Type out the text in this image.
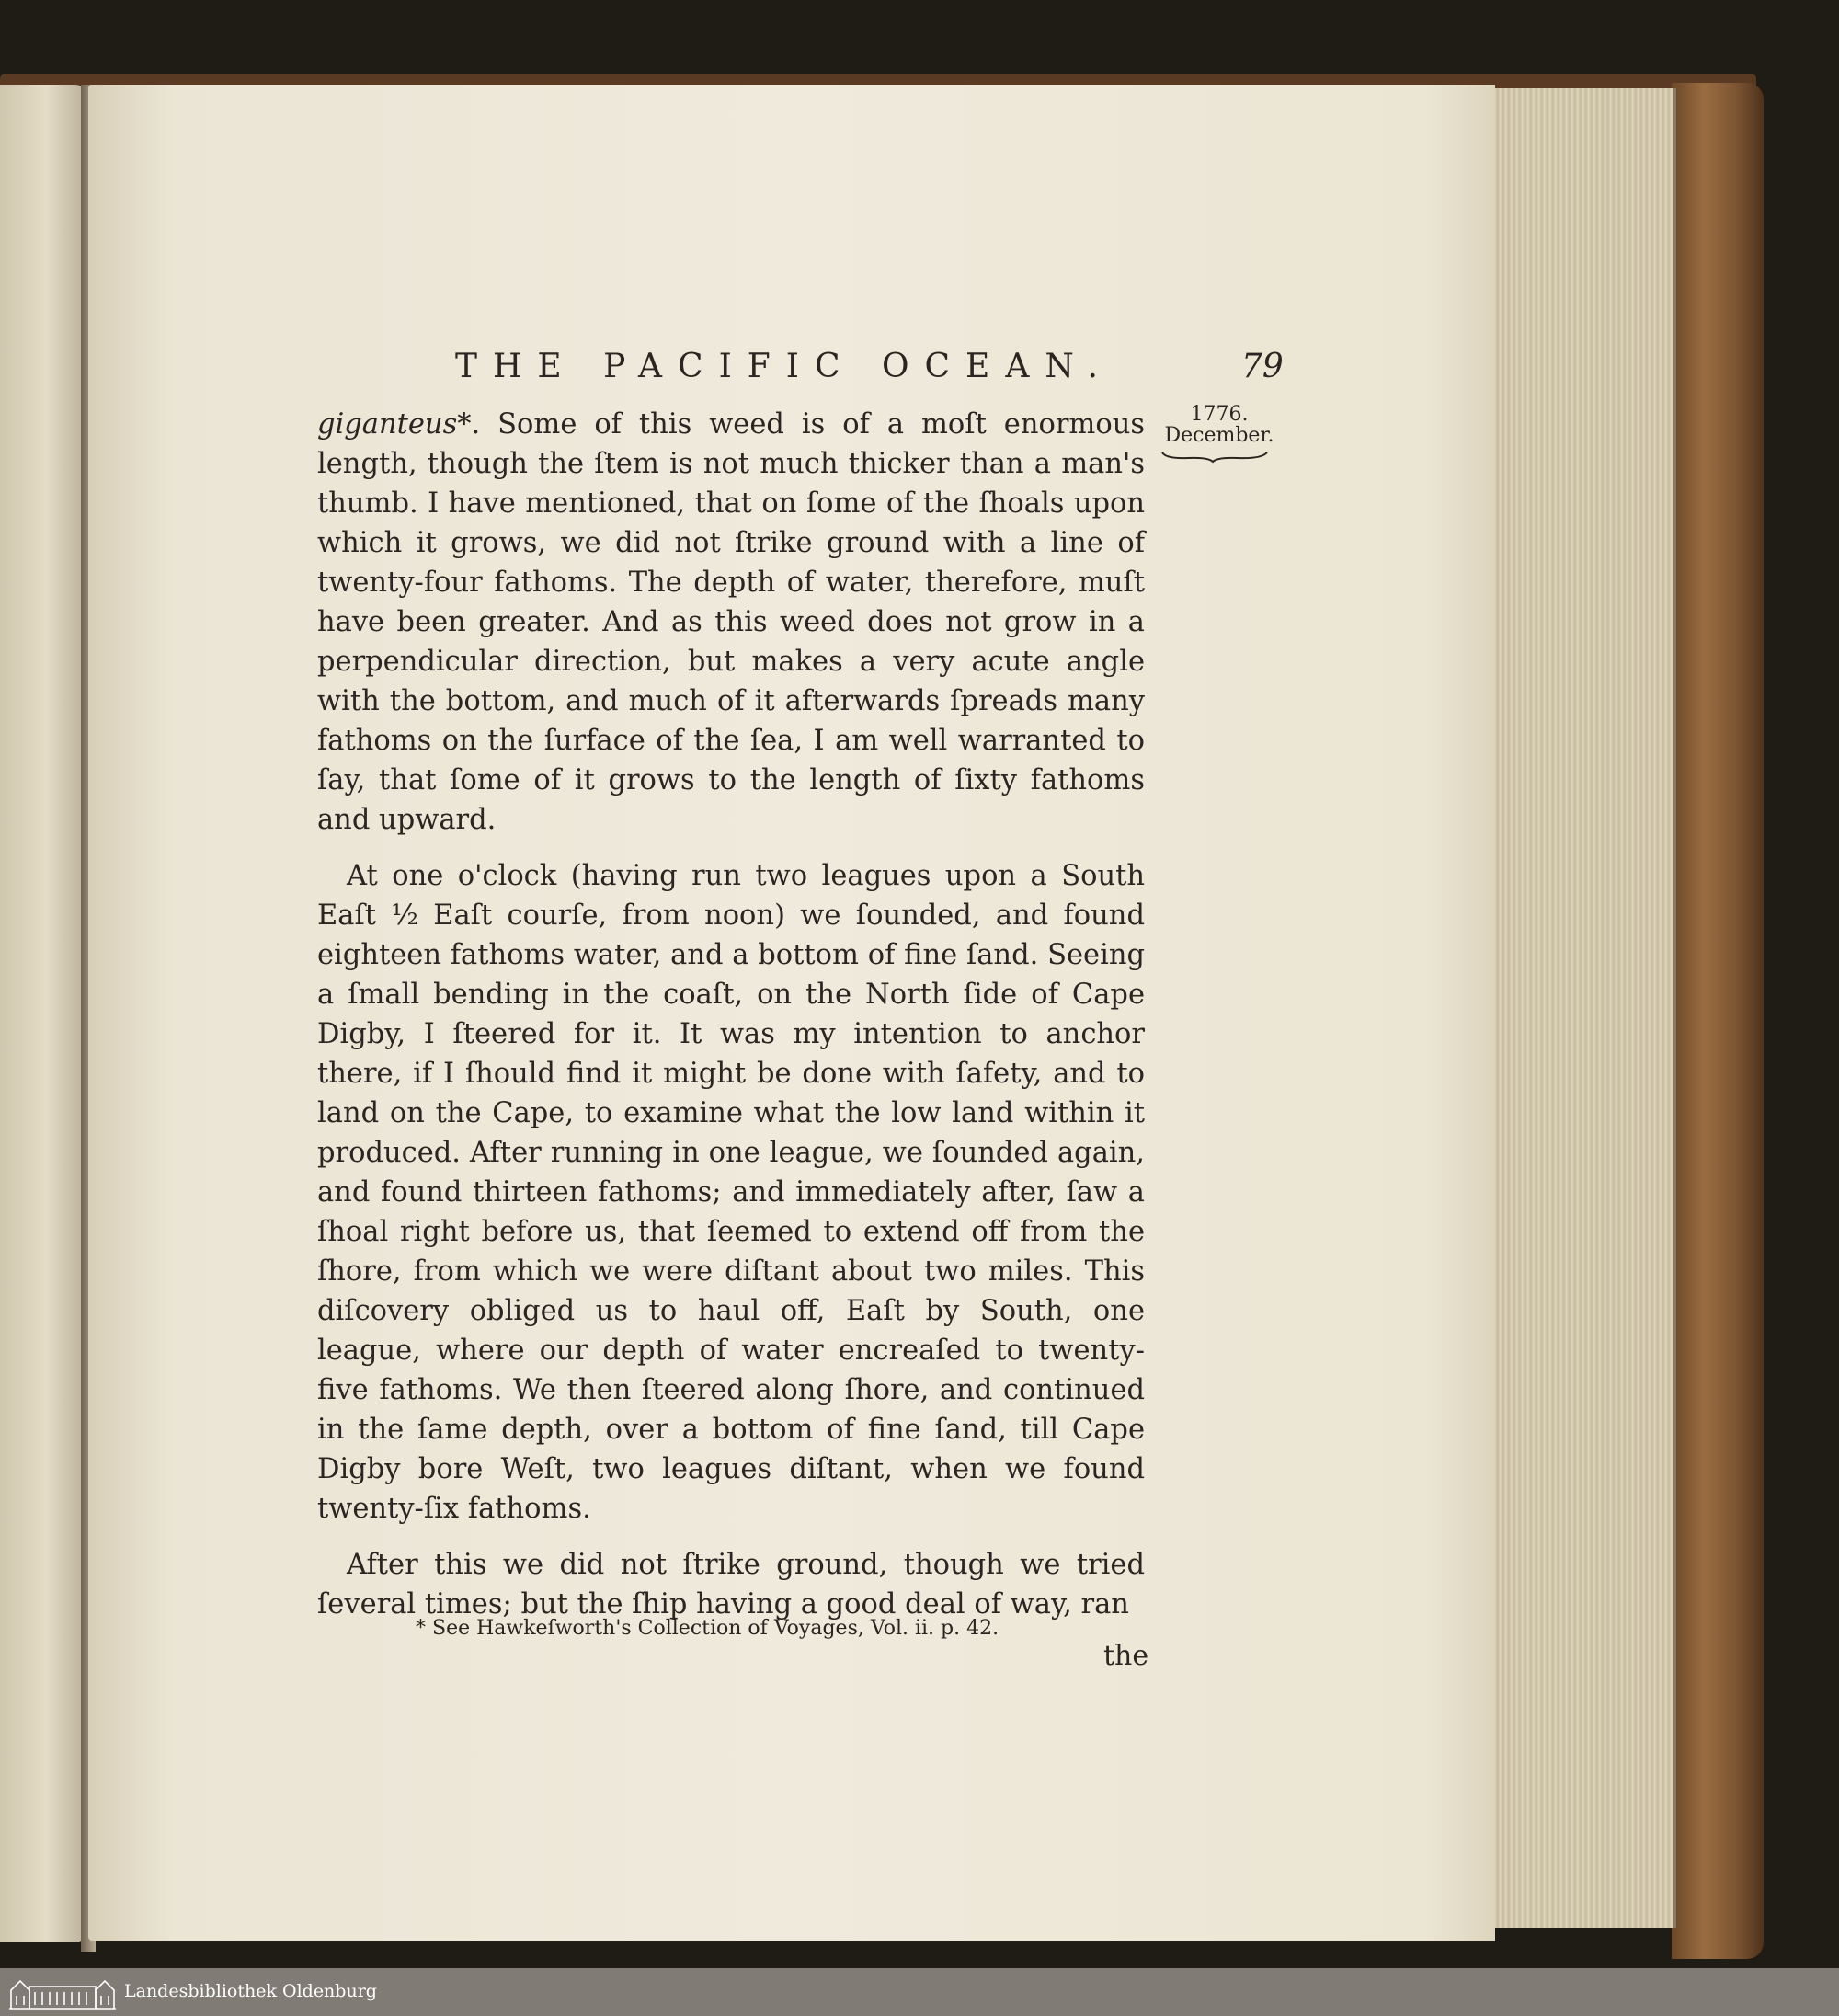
THE PACIFIC OCEAN.	79
1776.
December.

giganteus*. Some of this weed is of a moſt enormous length, though the ſtem is not much thicker than a man's thumb. I have mentioned, that on ſome of the ſhoals upon which it grows, we did not ſtrike ground with a line of twenty-four fathoms. The depth of water, therefore, muſt have been greater. And as this weed does not grow in a perpendicular direction, but makes a very acute angle with the bottom, and much of it afterwards ſpreads many fathoms on the ſurface of the ſea, I am well warranted to ſay, that ſome of it grows to the length of ſixty fathoms and upward.

At one o'clock (having run two leagues upon a South Eaſt ½ Eaſt courſe, from noon) we ſounded, and found eighteen fathoms water, and a bottom of fine ſand. Seeing a ſmall bending in the coaſt, on the North ſide of Cape Digby, I ſteered for it. It was my intention to anchor there, if I ſhould find it might be done with ſafety, and to land on the Cape, to examine what the low land within it produced. After running in one league, we ſounded again, and found thirteen fathoms; and immediately after, ſaw a ſhoal right before us, that ſeemed to extend off from the ſhore, from which we were diſtant about two miles. This diſcovery obliged us to haul off, Eaſt by South, one league, where our depth of water encreaſed to twenty-five fathoms. We then ſteered along ſhore, and continued in the ſame depth, over a bottom of fine ſand, till Cape Digby bore Weſt, two leagues diſtant, when we found twenty-ſix fathoms.

After this we did not ſtrike ground, though we tried ſeveral times; but the ſhip having a good deal of way, ran

* See Hawkeſworth's Collection of Voyages, Vol. ii. p. 42.
the
Landesbibliothek Oldenburg
